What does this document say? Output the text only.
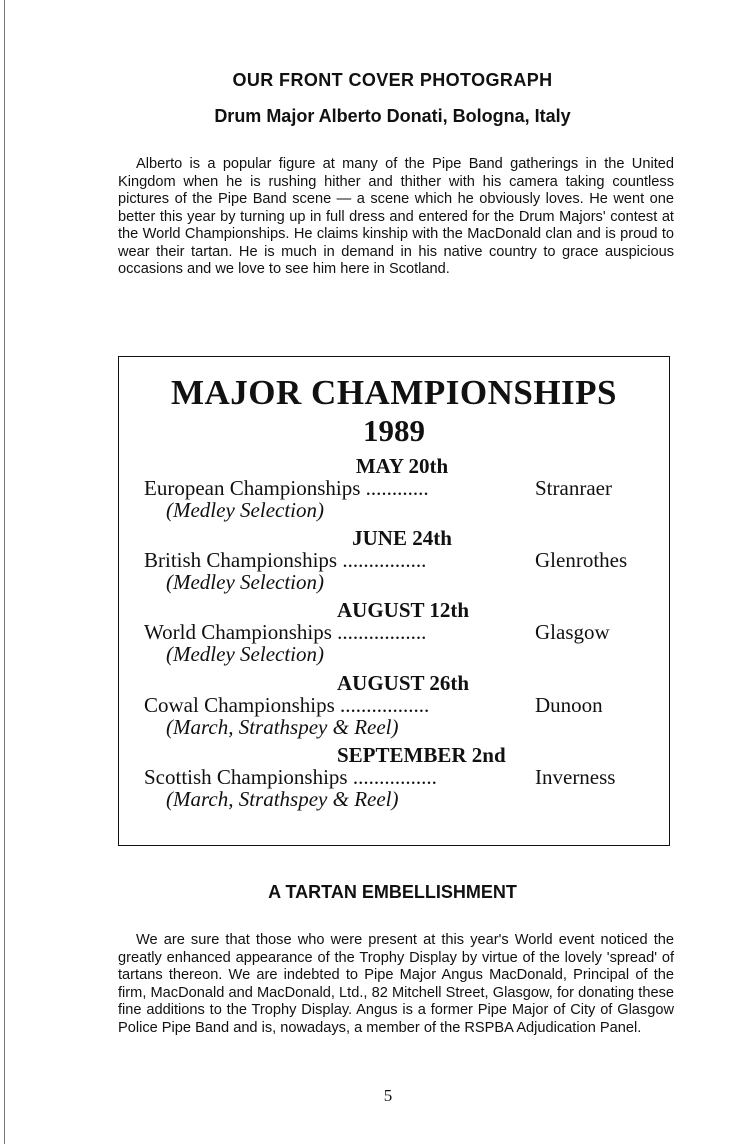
OUR FRONT COVER PHOTOGRAPH
Drum Major Alberto Donati, Bologna, Italy

Alberto is a popular figure at many of the Pipe Band gatherings in the United Kingdom when he is rushing hither and thither with his camera taking countless pictures of the Pipe Band scene — a scene which he obviously loves. He went one better this year by turning up in full dress and entered for the Drum Majors' contest at the World Championships. He claims kinship with the MacDonald clan and is proud to wear their tartan. He is much in demand in his native country to grace auspicious occasions and we love to see him here in Scotland.

MAJOR CHAMPIONSHIPS
1989
MAY 20th
European Championships ............	Stranraer
(Medley Selection)
JUNE 24th
British Championships ................	Glenrothes
(Medley Selection)
AUGUST 12th
World Championships .................	Glasgow
(Medley Selection)
AUGUST 26th
Cowal Championships .................	Dunoon
(March, Strathspey & Reel)
SEPTEMBER 2nd
Scottish Championships ................	Inverness
(March, Strathspey & Reel)
A TARTAN EMBELLISHMENT

We are sure that those who were present at this year's World event noticed the greatly enhanced appearance of the Trophy Display by virtue of the lovely 'spread' of tartans thereon. We are indebted to Pipe Major Angus MacDonald, Principal of the firm, MacDonald and MacDonald, Ltd., 82 Mitchell Street, Glasgow, for donating these fine additions to the Trophy Display. Angus is a former Pipe Major of City of Glasgow Police Pipe Band and is, nowadays, a member of the RSPBA Adjudication Panel.

5
